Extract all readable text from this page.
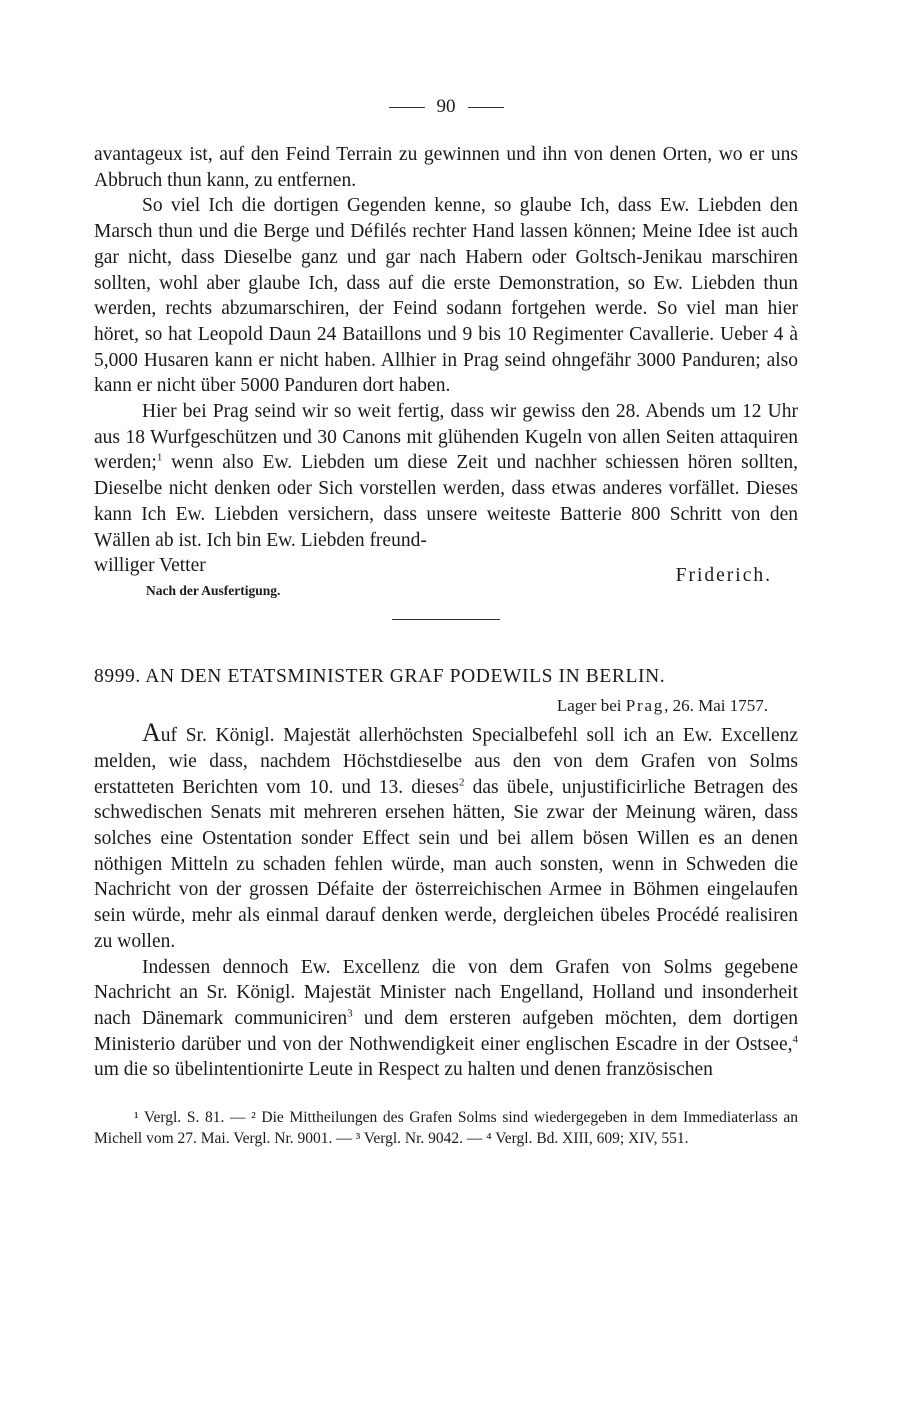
90

avantageux ist, auf den Feind Terrain zu gewinnen und ihn von denen Orten, wo er uns Abbruch thun kann, zu entfernen.

So viel Ich die dortigen Gegenden kenne, so glaube Ich, dass Ew. Liebden den Marsch thun und die Berge und Défilés rechter Hand lassen können; Meine Idee ist auch gar nicht, dass Dieselbe ganz und gar nach Habern oder Goltsch-Jenikau marschiren sollten, wohl aber glaube Ich, dass auf die erste Demonstration, so Ew. Liebden thun werden, rechts abzumarschiren, der Feind sodann fortgehen werde. So viel man hier höret, so hat Leopold Daun 24 Bataillons und 9 bis 10 Regimenter Cavallerie. Ueber 4 à 5,000 Husaren kann er nicht haben. Allhier in Prag seind ohngefähr 3000 Panduren; also kann er nicht über 5000 Panduren dort haben.

Hier bei Prag seind wir so weit fertig, dass wir gewiss den 28. Abends um 12 Uhr aus 18 Wurfgeschützen und 30 Canons mit glühenden Kugeln von allen Seiten attaquiren werden;$^1$ wenn also Ew. Liebden um diese Zeit und nachher schiessen hören sollten, Dieselbe nicht denken oder Sich vorstellen werden, dass etwas anderes vorfället. Dieses kann Ich Ew. Liebden versichern, dass unsere weiteste Batterie 800 Schritt von den Wällen ab ist. Ich bin Ew. Liebden freund-

williger Vetter	Friderich.
Nach der Ausfertigung.
8999. AN DEN ETATSMINISTER GRAF PODEWILS IN BERLIN.
Lager bei Prag, 26. Mai 1757.

Auf Sr. Königl. Majestät allerhöchsten Specialbefehl soll ich an Ew. Excellenz melden, wie dass, nachdem Höchstdieselbe aus den von dem Grafen von Solms erstatteten Berichten vom 10. und 13. dieses$^2$ das übele, unjustificirliche Betragen des schwedischen Senats mit mehreren ersehen hätten, Sie zwar der Meinung wären, dass solches eine Ostentation sonder Effect sein und bei allem bösen Willen es an denen nöthigen Mitteln zu schaden fehlen würde, man auch sonsten, wenn in Schweden die Nachricht von der grossen Défaite der österreichischen Armee in Böhmen eingelaufen sein würde, mehr als einmal darauf denken werde, dergleichen übeles Procédé realisiren zu wollen.

Indessen dennoch Ew. Excellenz die von dem Grafen von Solms gegebene Nachricht an Sr. Königl. Majestät Minister nach Engelland, Holland und insonderheit nach Dänemark communiciren$^3$ und dem ersteren aufgeben möchten, dem dortigen Ministerio darüber und von der Nothwendigkeit einer englischen Escadre in der Ostsee,$^4$ um die so übelintentionirte Leute in Respect zu halten und denen französischen

¹ Vergl. S. 81. — ² Die Mittheilungen des Grafen Solms sind wiedergegeben in dem Immediaterlass an Michell vom 27. Mai. Vergl. Nr. 9001. — ³ Vergl. Nr. 9042. — ⁴ Vergl. Bd. XIII, 609; XIV, 551.
